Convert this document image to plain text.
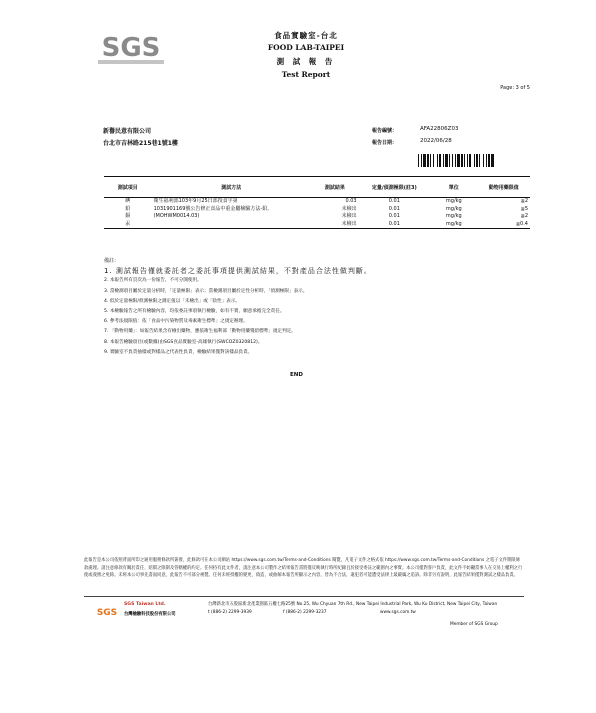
SGS	食品實驗室-台北
FOOD LAB-TAIPEI
測 試 報 告
Test Report
Page: 3 of 5
新譽民意有限公司
台北市吉林路215巷1號1樓
報告編號：	AFA22806Z03
報告日期：	2022/06/28
測試項目	測試方法	測試結果	定量/偵測極限(註3)	單位	動物用藥限值
碘	衛生福利部103年9月25日部授食字第	0.03	0.01	mg/kg	≦2
鉛	1031901169號公告修正食品中重金屬檢驗方法-鉛、	未檢出	0.01	mg/kg	≦5
鎘	(MOHWM0014.03)	未檢出	0.01	mg/kg	≦2
汞		未檢出	0.01	mg/kg	≦0.4
備註：
1. 測試報告僅就委託者之委託事項提供測試結果，不對產品合法性做判斷。
2. 本報告所有頁次為一份報告，不可分開使用。
3. 當檢測項目屬於定量分析時，「定量極限」表示；當檢測項目屬於定性分析時，「偵測極限」表示。
4. 低於定量極限/偵測極限之測定值以「未檢出」或「陰性」表示。
5. 本檢驗報告之所有檢驗內容，均依委託事項執行檢驗，如有不實，願意承擔完全責任。
6. 參考法規限值：依「食品中污染物質及毒素衛生標準」之規定辦理。
7. 「動物用藥」：如報告結果含有檢出藥物，應依衛生福利部「動物用藥殘留標準」規定判定。
8. 本報告檢驗項目(或數據)由SGS食品實驗室-高雄執行(SWCOZ0320812)。
9. 實驗室不負責抽樣或對樣品之代表性負責，檢驗結果僅對該樣品負責。
END
此報告是本公司依照背面所印之通用服務條款所簽發，此條款可在本公司網站 https://www.sgs.com.tw/Terms-and-Conditions 閱覽，凡電子文件之格式依 https://www.sgs.com.tw/Terms-and-Conditions 之電子文件期限條款處理。請注意條款有關於責任、賠償之限制及管轄權的約定。任何持有此文件者，請注意本公司製作之結果報告書將僅反映執行時所紀錄且於接受委託之範圍內之事實。本公司僅對客戶負責，此文件不妨礙當事人在交易上權利之行使或義務之免除。未經本公司事先書面同意，此報告不可部分複製。任何未經授權的變更、偽造、或曲解本報告所顯示之內容，皆為不合法，違犯者可能遭受法律上最嚴厲之追訴。除非另有說明，此報告結果僅對測試之樣品負責。
SGS
SGS Taiwan Ltd.
台灣檢驗科技股份有限公司
台灣新北市五股區新北產業園區五權七路25號 No.25, Wu Chyuan 7th Rd., New Taipei Industrial Park, Wu Ku District, New Taipei City, Taiwan
t (886-2) 2299-3939	f (886-2) 2299-3237	www.sgs.com.tw
Member of SGS Group
